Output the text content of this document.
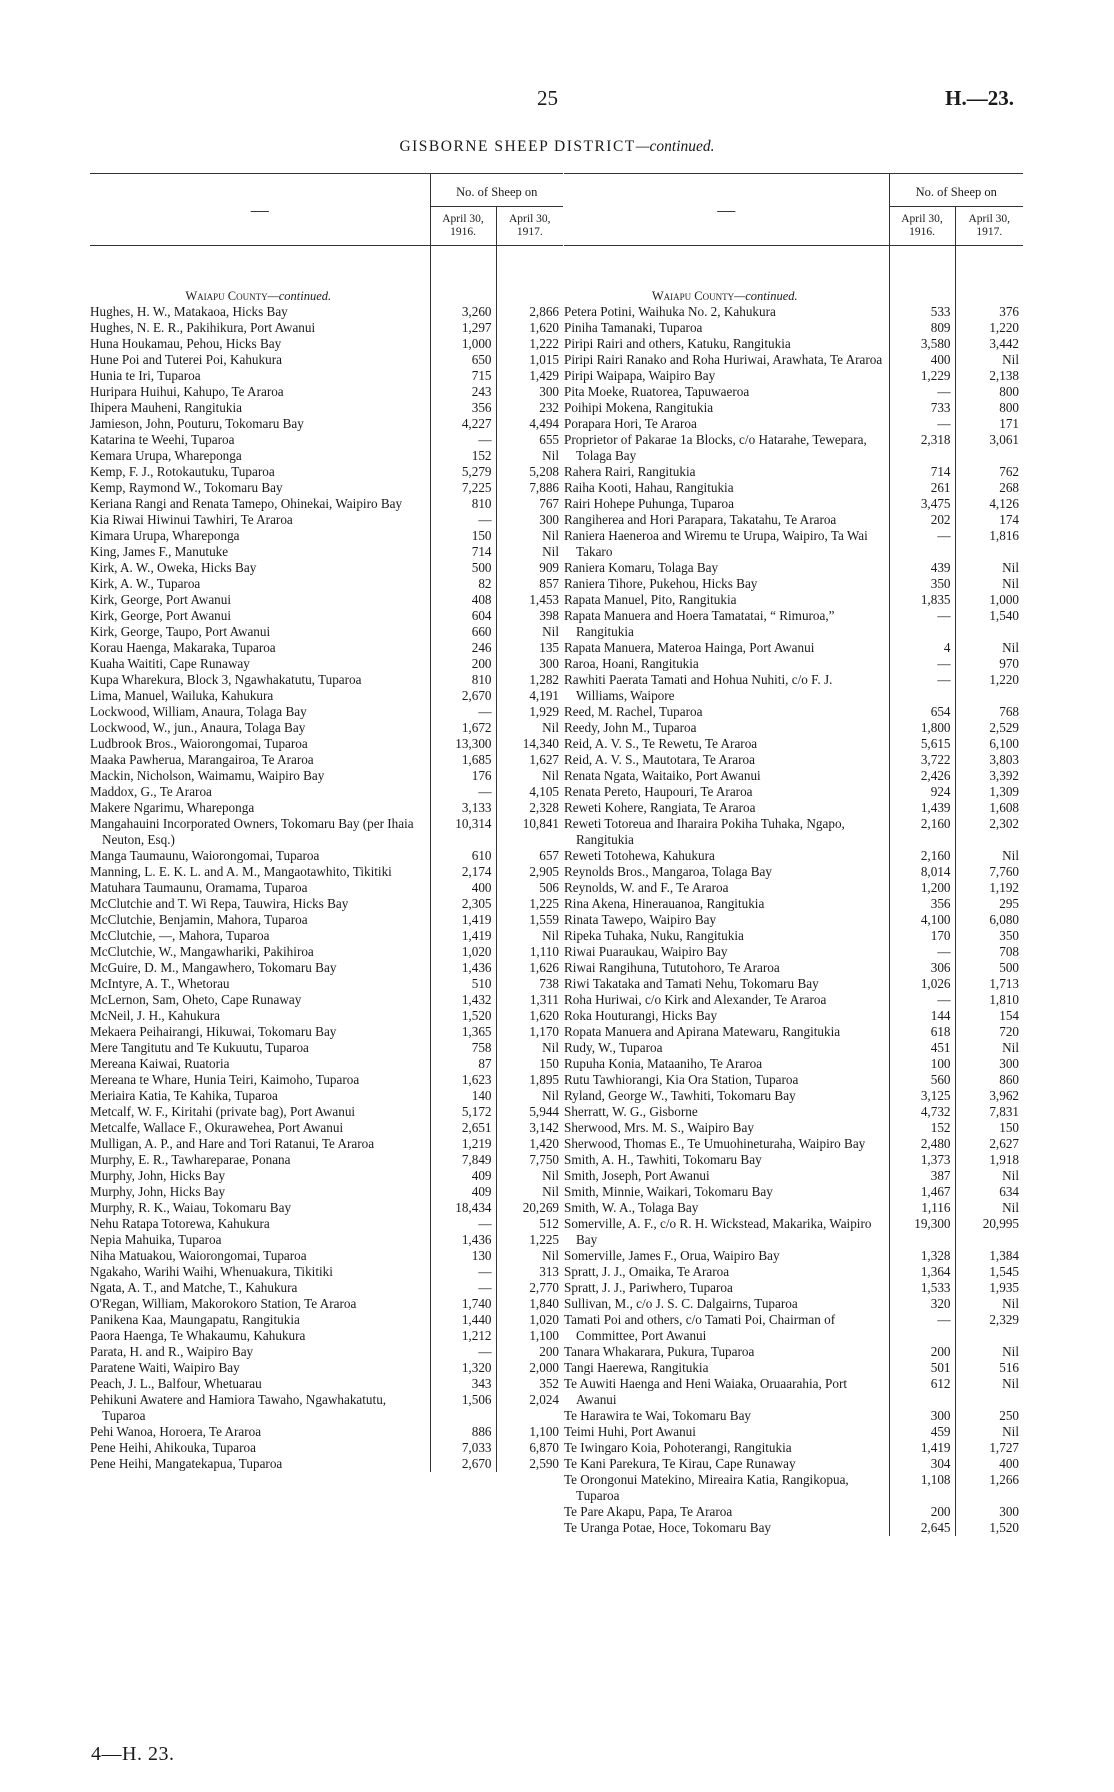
25	H.—23.
GISBORNE SHEEP DISTRICT—continued.
—	No. of Sheep on	
	April 30, 1916.	April 30, 1917.
Waiapu County—continued.		

Hughes, H. W., Matakaoa, Hicks Bay	3,260	2,866

Hughes, N. E. R., Pakihikura, Port Awanui	1,297	1,620

Huna Houkamau, Pehou, Hicks Bay	1,000	1,222

Hune Poi and Tuterei Poi, Kahukura	650	1,015

Hunia te Iri, Tuparoa	715	1,429

Huripara Huihui, Kahupo, Te Araroa	243	300

Ihipera Mauheni, Rangitukia	356	232

Jamieson, John, Pouturu, Tokomaru Bay	4,227	4,494

Katarina te Weehi, Tuparoa	—	655

Kemara Urupa, Wharepongа	152	Nil

Kemp, F. J., Rotokautuku, Tuparoa	5,279	5,208

Kemp, Raymond W., Tokomaru Bay	7,225	7,886

Keriana Rangi and Renata Tamepo, Ohinekai, Waipiro Bay	810	767

Kia Riwai Hiwinui Tawhiri, Te Araroa	—	300

Kimara Urupa, Whareponga	150	Nil

King, James F., Manutuke	714	Nil

Kirk, A. W., Oweka, Hicks Bay	500	909

Kirk, A. W., Tuparoa	82	857

Kirk, George, Port Awanui	408	1,453

Kirk, George, Port Awanui	604	398

Kirk, George, Taupo, Port Awanui	660	Nil

Korau Haenga, Makaraka, Tuparoa	246	135

Kuaha Waititi, Cape Runaway	200	300

Kupa Wharekura, Block 3, Ngawhakatutu, Tuparoa	810	1,282

Lima, Manuel, Wailuka, Kahukura	2,670	4,191

Lockwood, William, Anaura, Tolaga Bay	—	1,929

Lockwood, W., jun., Anaura, Tolaga Bay	1,672	Nil

Ludbrook Bros., Waiorongomai, Tuparoa	13,300	14,340

Maaka Pawheruа, Marangairoa, Te Araroa	1,685	1,627

Mackin, Nicholson, Waimamu, Waipiro Bay	176	Nil

Maddox, G., Te Araroa	—	4,105

Makere Ngarimu, Whareponga	3,133	2,328

Mangahauini Incorporated Owners, Tokomaru Bay (per Ihaia Neuton, Esq.)	10,314	10,841

Manga Taumaunu, Waiorongomai, Tuparoa	610	657

Manning, L. E. K. L. and A. M., Mangaotawhito, Tikitiki	2,174	2,905

Matuhara Taumaunu, Oramama, Tuparoa	400	506

McClutchie and T. Wi Repa, Tauwira, Hicks Bay	2,305	1,225

McClutchie, Benjamin, Mahora, Tuparoa	1,419	1,559

McClutchie, —, Mahora, Tuparoa	1,419	Nil

McClutchie, W., Mangawhariki, Pakihiroa	1,020	1,110

McGuire, D. M., Mangawhero, Tokomaru Bay	1,436	1,626

McIntyre, A. T., Whetorau	510	738

McLernon, Sam, Oheto, Cape Runaway	1,432	1,311

McNeil, J. H., Kahukura	1,520	1,620

Mekaera Peihairangi, Hikuwai, Tokomaru Bay	1,365	1,170

Mere Tangitutu and Te Kukuutu, Tuparoa	758	Nil

Mereana Kaiwai, Ruatoria	87	150

Mereana te Whare, Hunia Teiri, Kaimoho, Tuparoa	1,623	1,895

Meriaira Katia, Te Kahika, Tuparoa	140	Nil

Metcalf, W. F., Kiritahi (private bag), Port Awanui	5,172	5,944

Metcalfe, Wallace F., Okurawehea, Port Awanui	2,651	3,142

Mulligan, A. P., and Hare and Tori Ratanui, Te Araroa	1,219	1,420

Murphy, E. R., Tawharepаrae, Ponana	7,849	7,750

Murphy, John, Hicks Bay	409	Nil

Murphy, John, Hicks Bay	409	Nil

Murphy, R. K., Waiau, Tokomaru Bay	18,434	20,269

Nehu Ratapa Totorewa, Kahukura	—	512

Nepia Mahuika, Tuparoa	1,436	1,225

Niha Matuakou, Waiorongomai, Tuparoa	130	Nil

Ngakaho, Warihi Waihi, Whenuakura, Tikitiki	—	313

Ngata, A. T., and Matche, T., Kahukura	—	2,770

O'Regan, William, Makorokoro Station, Te Araroa	1,740	1,840

Panikena Kaa, Maungapatu, Rangitukia	1,440	1,020

Paora Haenga, Te Whakaumu, Kahukura	1,212	1,100

Parata, H. and R., Waipiro Bay	—	200

Paratene Waiti, Waipiro Bay	1,320	2,000

Peach, J. L., Balfour, Whetuаrau	343	352

Pehikuni Awatere and Hamiora Tawaho, Ngawhakatutu, Tuparoa	1,506	2,024

Pehi Wanoa, Horoera, Te Araroa	886	1,100

Pene Heihi, Ahikouka, Tuparoa	7,033	6,870

Pene Heihi, Mangatekapua, Tuparoa	2,670	2,590
—	No. of Sheep on	
	April 30, 1916.	April 30, 1917.
Waiapu County—continued.		

Petera Potini, Waihuka No. 2, Kahukura	533	376

Piniha Tamanaki, Tuparoa	809	1,220

Piripi Rairi and others, Katuku, Rangitukia	3,580	3,442

Piripi Rairi Ranako and Roha Huriwai, Arawhata, Te Araroa	400	Nil

Piripi Waipapa, Waipiro Bay	1,229	2,138

Pita Moeke, Ruatorea, Tapuwaeroa	—	800

Poihipi Mokena, Rangitukia	733	800

Porapara Hori, Te Araroa	—	171

Proprietor of Pakarae 1a Blocks, c/o Hatarahe, Tewepara, Tolaga Bay	2,318	3,061

Rahera Rairi, Rangitukia	714	762

Raiha Kooti, Hahau, Rangitukia	261	268

Rairi Hohepe Puhunga, Tuparoa	3,475	4,126

Rangiherea and Hori Parapara, Takatahu, Te Araroa	202	174

Raniera Haeneroa and Wiremu te Urupa, Waipiro, Ta Wai Takaro	—	1,816

Raniera Komaru, Tolaga Bay	439	Nil

Raniera Tihore, Pukehou, Hicks Bay	350	Nil

Rapata Manuel, Pito, Rangitukia	1,835	1,000

Rapata Manuera and Hoera Tamatatai, “ Rimuroa,” Rangitukia	—	1,540

Rapata Manuera, Materoa Hainga, Port Awanui	4	Nil

Raroa, Hoani, Rangitukia	—	970

Rawhiti Paerata Tamati and Hohua Nuhiti, c/o F. J. Williams, Waipore	—	1,220

Reed, M. Rachel, Tuparoa	654	768

Reedy, John M., Tuparoa	1,800	2,529

Reid, A. V. S., Te Rewetu, Te Araroa	5,615	6,100

Reid, A. V. S., Mautotara, Te Araroa	3,722	3,803

Renata Ngata, Waitaiko, Port Awanui	2,426	3,392

Renata Pereto, Haupouri, Te Araroa	924	1,309

Reweti Kohere, Rangiata, Te Araroa	1,439	1,608

Reweti Totoreua and Iharaira Pokiha Tuhaka, Ngapo, Rangitukia	2,160	2,302

Reweti Totohewa, Kahukura	2,160	Nil

Reynolds Bros., Mangaroa, Tolaga Bay	8,014	7,760

Reynolds, W. and F., Te Araroa	1,200	1,192

Rina Akena, Hinerauanoa, Rangitukia	356	295

Rinata Tawepo, Waipiro Bay	4,100	6,080

Ripeka Tuhaka, Nuku, Rangitukia	170	350

Riwai Puaraukau, Waipiro Bay	—	708

Riwai Rangihuna, Tututohoro, Te Araroa	306	500

Riwi Takataka and Tamati Nehu, Tokomaru Bay	1,026	1,713

Roha Huriwai, c/o Kirk and Alexander, Te Araroa	—	1,810

Roka Houturangi, Hicks Bay	144	154

Ropata Manuera and Apirana Matewaru, Rangitukia	618	720

Rudy, W., Tuparoa	451	Nil

Rupuha Konia, Mataaniho, Te Araroa	100	300

Rutu Tawhiorangi, Kia Ora Station, Tuparoa	560	860

Ryland, George W., Tawhiti, Tokomaru Bay	3,125	3,962

Sherratt, W. G., Gisborne	4,732	7,831

Sherwood, Mrs. M. S., Waipiro Bay	152	150

Sherwood, Thomas E., Te Umuohineturaha, Waipiro Bay	2,480	2,627

Smith, A. H., Tawhiti, Tokomaru Bay	1,373	1,918

Smith, Joseph, Port Awanui	387	Nil

Smith, Minnie, Waikari, Tokomaru Bay	1,467	634

Smith, W. A., Tolaga Bay	1,116	Nil

Somerville, A. F., c/o R. H. Wickstead, Makarika, Waipiro Bay	19,300	20,995

Somerville, James F., Orua, Waipiro Bay	1,328	1,384

Spratt, J. J., Omaika, Te Araroa	1,364	1,545

Spratt, J. J., Pariwhero, Tuparoa	1,533	1,935

Sullivan, M., c/o J. S. C. Dalgairns, Tuparoa	320	Nil

Tamati Poi and others, c/o Tamati Poi, Chairman of Committee, Port Awanui	—	2,329

Tanara Whakarara, Pukura, Tuparoa	200	Nil

Tangi Haerewa, Rangitukia	501	516

Te Auwiti Haenga and Heni Waiaka, Oruaarahia, Port Awanui	612	Nil

Te Harawira te Wai, Tokomaru Bay	300	250

Teimi Huhi, Port Awanui	459	Nil

Te Iwingaro Koia, Pohoterangi, Rangitukia	1,419	1,727

Te Kani Parekura, Te Kirau, Cape Runaway	304	400

Te Orongonui Matekino, Mireaira Katia, Rangikopua, Tuparoa	1,108	1,266

Te Pare Akapu, Papa, Te Araroa	200	300

Te Uranga Potae, Hoce, Tokomaru Bay	2,645	1,520
4—H. 23.
